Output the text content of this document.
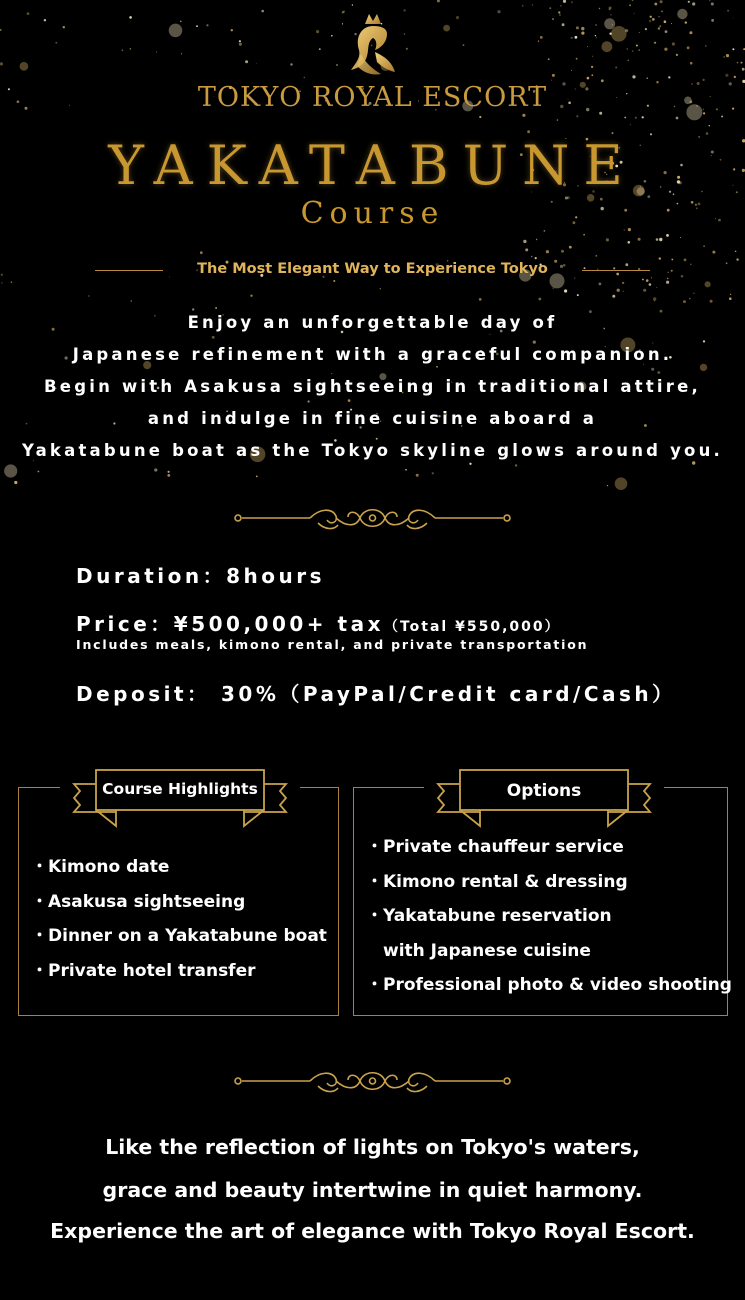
TOKYO ROYAL ESCORT
YAKATABUNE
Course
The Most Elegant Way to Experience Tokyo
Enjoy an unforgettable day of
Japanese refinement with a graceful companion.
Begin with Asakusa sightseeing in traditional attire,
and indulge in fine cuisine aboard a
Yakatabune boat as the Tokyo skyline glows around you.
Duration：8hours
Price：¥500,000+ tax（Total ¥550,000）
Includes meals, kimono rental, and private transportation
Deposit： 30%（PayPal/Credit card/Cash）
・Kimono date
・Asakusa sightseeing
・Dinner on a Yakatabune boat
・Private hotel transfer
Course Highlights
・Private chauffeur service
・Kimono rental & dressing
・Yakatabune reservation
　with Japanese cuisine
・Professional photo & video shooting
Options
Like the reflection of lights on Tokyo's waters,
grace and beauty intertwine in quiet harmony.
Experience the art of elegance with Tokyo Royal Escort.
